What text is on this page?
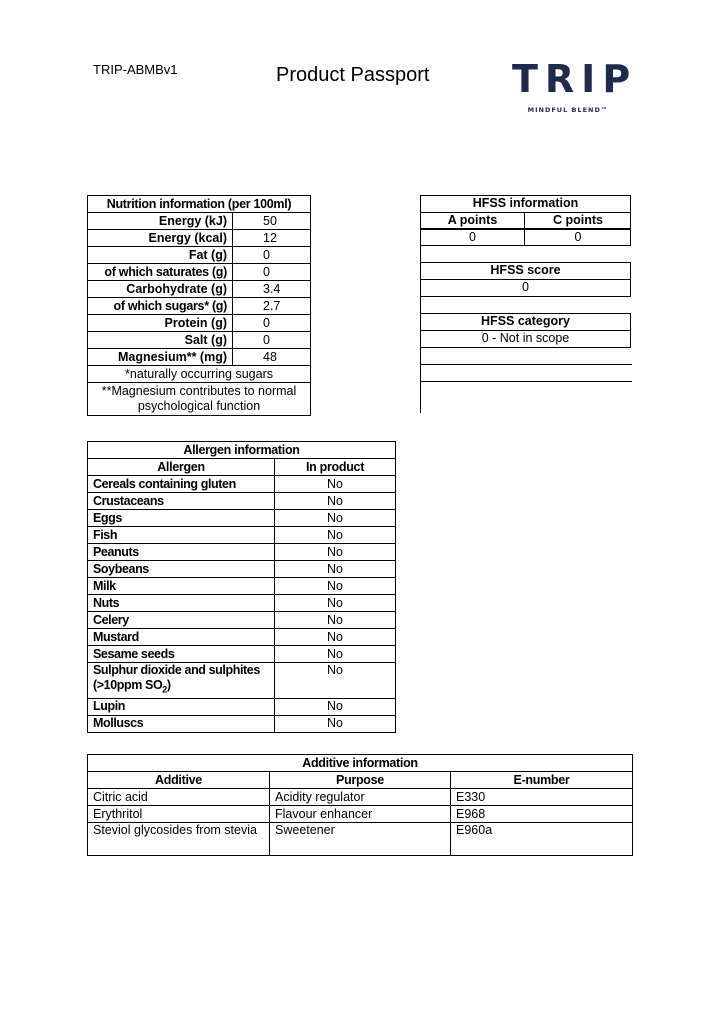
TRIP-ABMBv1	Product Passport TRIP
MINDFUL BLEND™
Nutrition information (per 100ml)	
Energy (kJ)	50
Energy (kcal)	12
Fat (g)	0
of which saturates (g)	0
Carbohydrate (g)	3.4
of which sugars* (g)	2.7
Protein (g)	0
Salt (g)	0
Magnesium** (mg)	48
*naturally occurring sugars	
**Magnesium contributes to normal psychological function	
HFSS information
A points	C points
0	0
HFSS score
0
HFSS category
0 - Not in scope
Allergen information	
Allergen	In product
Cereals containing gluten	No
Crustaceans	No
Eggs	No
Fish	No
Peanuts	No
Soybeans	No
Milk	No
Nuts	No
Celery	No
Mustard	No
Sesame seeds	No
Sulphur dioxide and sulphites (>10ppm $SO_2$)	No
Lupin	No
Molluscs	No
Additive information		
Additive	Purpose	E-number
Citric acid	Acidity regulator	E330
Erythritol	Flavour enhancer	E968
Steviol glycosides from stevia	Sweetener	E960a
